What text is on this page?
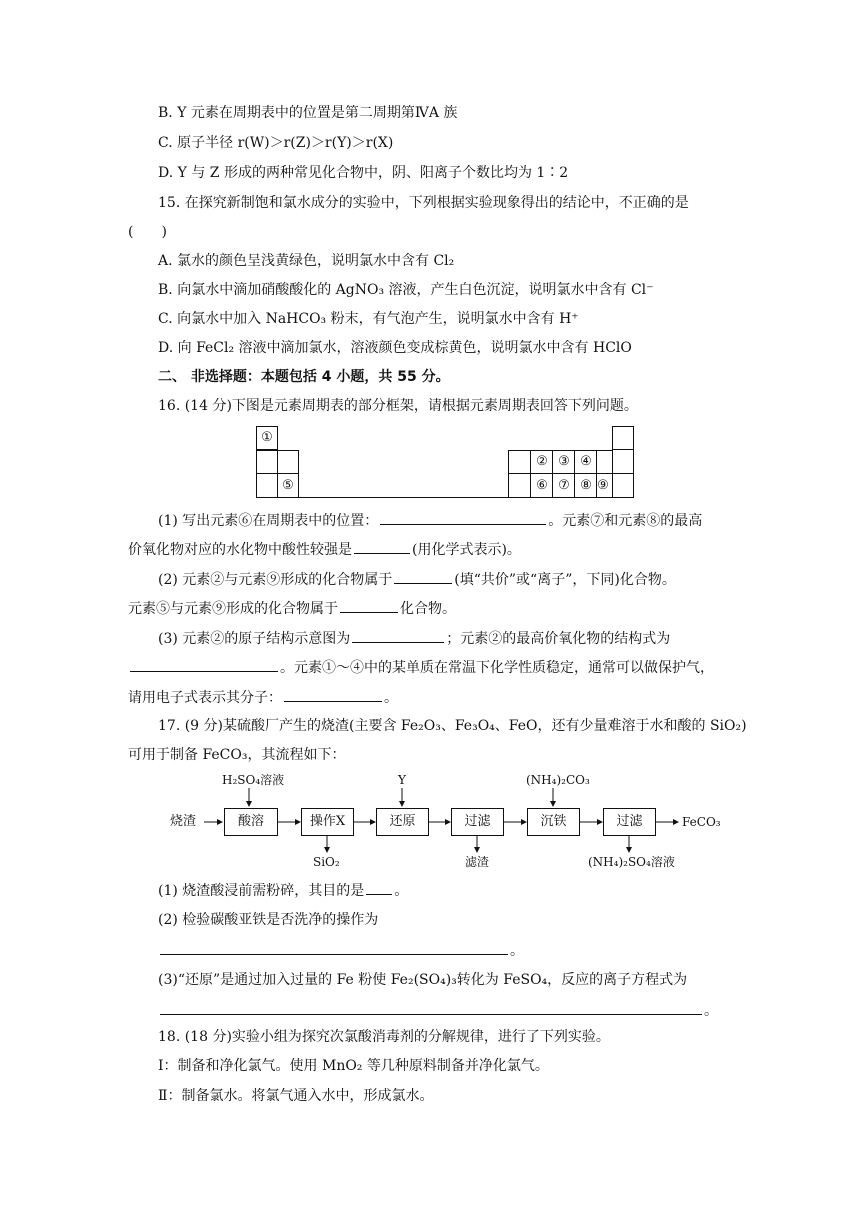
B. Y 元素在周期表中的位置是第二周期第ⅣA 族
C. 原子半径 r(W)＞r(Z)＞r(Y)＞r(X)
D. Y 与 Z 形成的两种常见化合物中，阴、阳离子个数比均为 1∶2
15. 在探究新制饱和氯水成分的实验中，下列根据实验现象得出的结论中，不正确的是
(　　)
A. 氯水的颜色呈浅黄绿色，说明氯水中含有 Cl₂
B. 向氯水中滴加硝酸酸化的 AgNO₃ 溶液，产生白色沉淀，说明氯水中含有 Cl⁻
C. 向氯水中加入 NaHCO₃ 粉末，有气泡产生，说明氯水中含有 H⁺
D. 向 FeCl₂ 溶液中滴加氯水，溶液颜色变成棕黄色，说明氯水中含有 HClO
二、 非选择题：本题包括 4 小题，共 55 分。
16. (14 分)下图是元素周期表的部分框架，请根据元素周期表回答下列问题。
①
② ③ ④
⑤	⑥ ⑦ ⑧ ⑨
(1) 写出元素⑥在周期表中的位置：	。元素⑦和元素⑧的最高
价氧化物对应的水化物中酸性较强是	(用化学式表示)。
(2) 元素②与元素⑨形成的化合物属于	(填“共价”或“离子”，下同)化合物。
元素⑤与元素⑨形成的化合物属于	化合物。
(3) 元素②的原子结构示意图为	；元素②的最高价氧化物的结构式为
。元素①～④中的某单质在常温下化学性质稳定，通常可以做保护气，
请用电子式表示其分子：	。
17. (9 分)某硫酸厂产生的烧渣(主要含 Fe₂O₃、Fe₃O₄、FeO，还有少量难溶于水和酸的 SiO₂)
可用于制备 FeCO₃，其流程如下：
烧渣	酸溶	操作X	还原	过滤	沉铁	过滤	FeCO₃
H₂SO₄溶液	Y	(NH₄)₂CO₃
SiO₂	滤渣	(NH₄)₂SO₄溶液
(1) 烧渣酸浸前需粉碎，其目的是 。
(2) 检验碳酸亚铁是否洗净的操作为
。
(3)“还原”是通过加入过量的 Fe 粉使 Fe₂(SO₄)₃转化为 FeSO₄，反应的离子方程式为
。
18. (18 分)实验小组为探究次氯酸消毒剂的分解规律，进行了下列实验。
Ⅰ：制备和净化氯气。使用 MnO₂ 等几种原料制备并净化氯气。
Ⅱ：制备氯水。将氯气通入水中，形成氯水。
